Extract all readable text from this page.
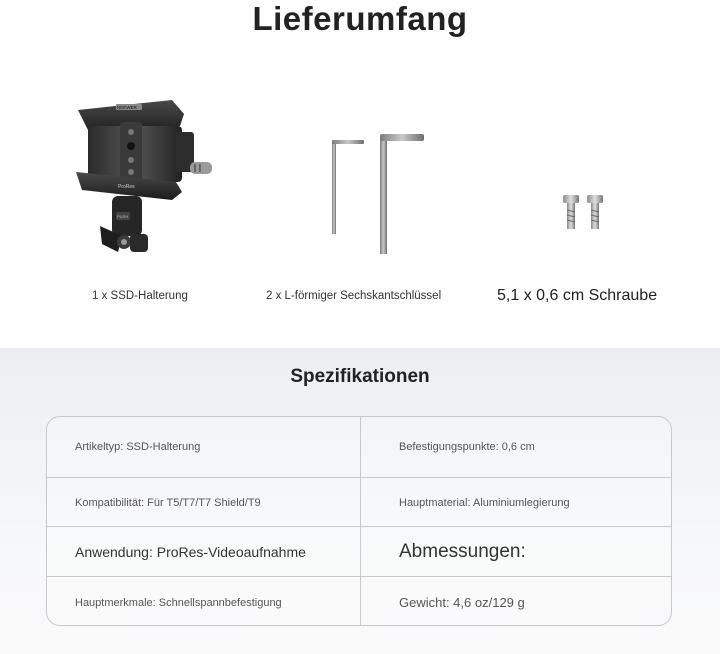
Lieferumfang
NEEWER
ProRes
PUSH
1 x SSD-Halterung	2 x L-förmiger Sechskantschlüssel	5,1 x 0,6 cm Schraube
Spezifikationen
Artikeltyp: SSD-Halterung	Befestigungspunkte: 0,6 cm
Kompatibilität: Für T5/T7/T7 Shield/T9	Hauptmaterial: Aluminiumlegierung
Anwendung: ProRes-Videoaufnahme	Abmessungen:
Hauptmerkmale: Schnellspannbefestigung	Gewicht: 4,6 oz/129 g
